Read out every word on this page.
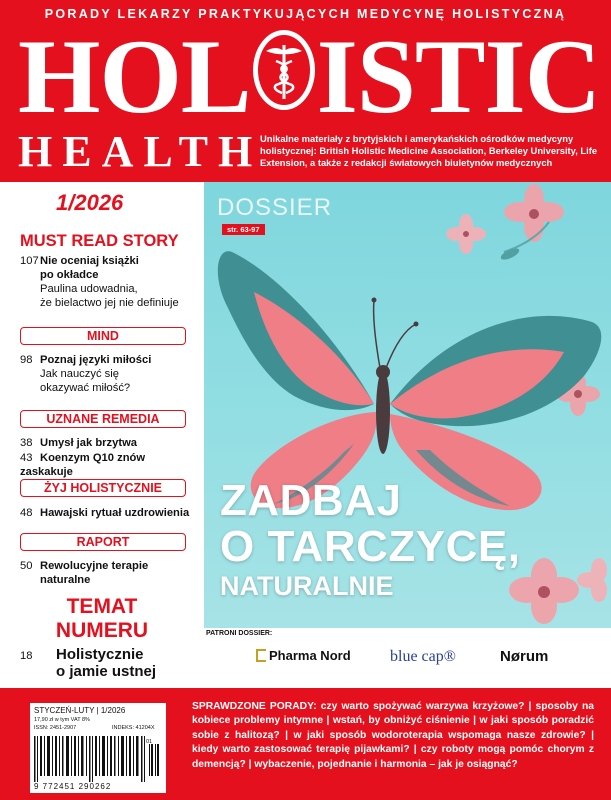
PORADY LEKARZY PRAKTYKUJĄCYCH MEDYCYNĘ HOLISTYCZNĄ
HOL ISTIC
HEALTH
Unikalne materiały z brytyjskich i amerykańskich ośrodków medycyny holistycznej: British Holistic Medicine Association, Berkeley University, Life Extension, a także z redakcji światowych biuletynów medycznych
1/2026
MUST READ STORY
107Nie oceniaj książki
po okładce
Paulina udowadnia,
że bielactwo jej nie definiuje
MIND
98 Poznaj języki miłości
Jak nauczyć się
okazywać miłość?
UZNANE REMEDIA
38 Umysł jak brzytwa
43 Koenzym Q10 znów zaskakuje
ŻYJ HOLISTYCZNIE
48 Hawajski rytuał uzdrowienia
RAPORT
50 Rewolucyjne terapie
naturalne
TEMAT
NUMERU
18 Holistycznie
o jamie ustnej
DOSSIER
str. 63-97
ZADBAJ
O TARCZYCĘ,
NATURALNIE
PATRONI DOSSIER:
Pharma Nord blue cap®	Nørum
STYCZEŃ-LUTY | 1/2026
17,90 zł w tym VAT 8%
ISSN: 2451-2907	INDEKS: 41204X
9 772451 290262
01
SPRAWDZONE PORADY: czy warto spożywać warzywa krzyżowe? | sposoby na kobiece problemy intymne | wstań, by obniżyć ciśnienie | w jaki sposób poradzić sobie z halitozą? | w jaki sposób wodoroterapia wspomaga nasze zdrowie? | kiedy warto zastosować terapię pijawkami? | czy roboty mogą pomóc chorym z demencją? | wybaczenie, pojednanie i harmonia – jak je osiągnąć?
